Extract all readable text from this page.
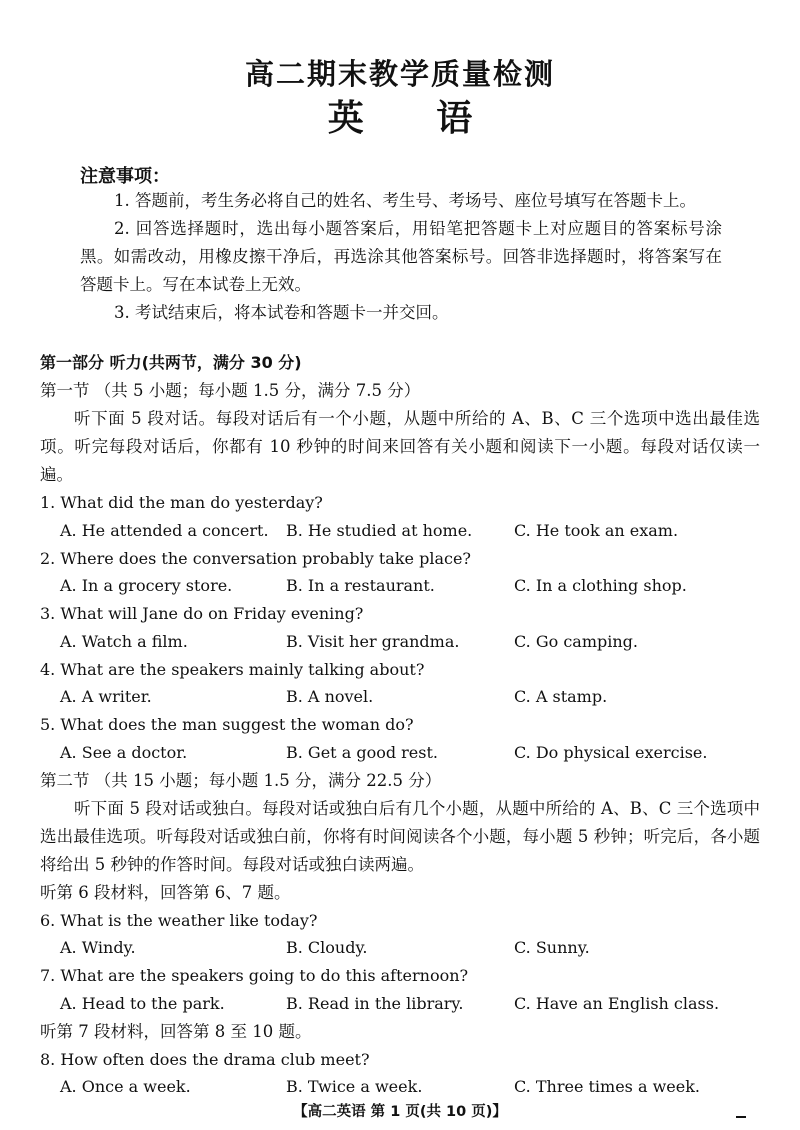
高二期末教学质量检测
英 语
注意事项：

1. 答题前，考生务必将自己的姓名、考生号、考场号、座位号填写在答题卡上。

2. 回答选择题时，选出每小题答案后，用铅笔把答题卡上对应题目的答案标号涂黑。如需改动，用橡皮擦干净后，再选涂其他答案标号。回答非选择题时，将答案写在答题卡上。写在本试卷上无效。

3. 考试结束后，将本试卷和答题卡一并交回。

第一部分 听力(共两节，满分 30 分)

第一节 （共 5 小题；每小题 1.5 分，满分 7.5 分）

听下面 5 段对话。每段对话后有一个小题，从题中所给的 A、B、C 三个选项中选出最佳选项。听完每段对话后，你都有 10 秒钟的时间来回答有关小题和阅读下一小题。每段对话仅读一遍。

1. What did the man do yesterday?

A. He attended a concert.	B. He studied at home.	C. He took an exam.

2. Where does the conversation probably take place?

A. In a grocery store.	B. In a restaurant.	C. In a clothing shop.

3. What will Jane do on Friday evening?

A. Watch a film.	B. Visit her grandma.	C. Go camping.

4. What are the speakers mainly talking about?

A. A writer.	B. A novel.	C. A stamp.

5. What does the man suggest the woman do?

A. See a doctor.	B. Get a good rest.	C. Do physical exercise.

第二节 （共 15 小题；每小题 1.5 分，满分 22.5 分）

听下面 5 段对话或独白。每段对话或独白后有几个小题，从题中所给的 A、B、C 三个选项中选出最佳选项。听每段对话或独白前，你将有时间阅读各个小题，每小题 5 秒钟；听完后，各小题将给出 5 秒钟的作答时间。每段对话或独白读两遍。

听第 6 段材料，回答第 6、7 题。

6. What is the weather like today?

A. Windy.	B. Cloudy.	C. Sunny.

7. What are the speakers going to do this afternoon?

A. Head to the park.	B. Read in the library.	C. Have an English class.

听第 7 段材料，回答第 8 至 10 题。

8. How often does the drama club meet?

A. Once a week.	B. Twice a week.	C. Three times a week.
【高二英语 第 1 页(共 10 页)】
